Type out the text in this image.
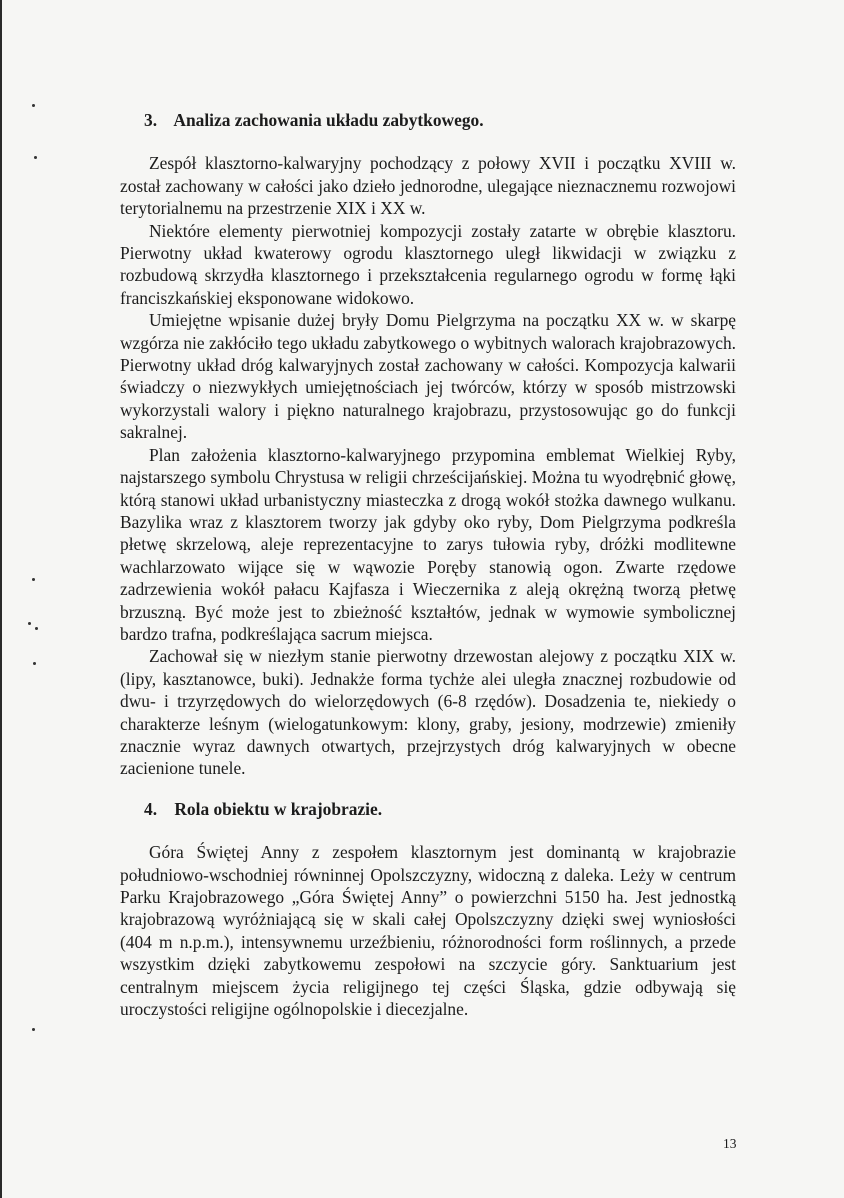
3. Analiza zachowania układu zabytkowego.

Zespół klasztorno-kalwaryjny pochodzący z połowy XVII i początku XVIII w. został zachowany w całości jako dzieło jednorodne, ulegające nieznacznemu rozwojowi terytorialnemu na przestrzenie XIX i XX w.

Niektóre elementy pierwotniej kompozycji zostały zatarte w obrębie klasztoru. Pierwotny układ kwaterowy ogrodu klasztornego uległ likwidacji w związku z rozbudową skrzydła klasztornego i przekształcenia regularnego ogrodu w formę łąki franciszkańskiej eksponowane widokowo.

Umiejętne wpisanie dużej bryły Domu Pielgrzyma na początku XX w. w skarpę wzgórza nie zakłóciło tego układu zabytkowego o wybitnych walorach krajobrazowych. Pierwotny układ dróg kalwaryjnych został zachowany w całości. Kompozycja kalwarii świadczy o niezwykłych umiejętnościach jej twórców, którzy w sposób mistrzowski wykorzystali walory i piękno naturalnego krajobrazu, przystosowując go do funkcji sakralnej.

Plan założenia klasztorno-kalwaryjnego przypomina emblemat Wielkiej Ryby, najstarszego symbolu Chrystusa w religii chrześcijańskiej. Można tu wyodrębnić głowę, którą stanowi układ urbanistyczny miasteczka z drogą wokół stożka dawnego wulkanu. Bazylika wraz z klasztorem tworzy jak gdyby oko ryby, Dom Pielgrzyma podkreśla płetwę skrzelową, aleje reprezentacyjne to zarys tułowia ryby, dróżki modlitewne wachlarzowato wijące się w wąwozie Poręby stanowią ogon. Zwarte rzędowe zadrzewienia wokół pałacu Kajfasza i Wieczernika z aleją okrężną tworzą płetwę brzuszną. Być może jest to zbieżność kształtów, jednak w wymowie symbolicznej bardzo trafna, podkreślająca sacrum miejsca.

Zachował się w niezłym stanie pierwotny drzewostan alejowy z początku XIX w. (lipy, kasztanowce, buki). Jednakże forma tychże alei uległa znacznej rozbudowie od dwu- i trzyrzędowych do wielorzędowych (6-8 rzędów). Dosadzenia te, niekiedy o charakterze leśnym (wielogatunkowym: klony, graby, jesiony, modrzewie) zmieniły znacznie wyraz dawnych otwartych, przejrzystych dróg kalwaryjnych w obecne zacienione tunele.

4. Rola obiektu w krajobrazie.

Góra Świętej Anny z zespołem klasztornym jest dominantą w krajobrazie południowo-wschodniej równinnej Opolszczyzny, widoczną z daleka. Leży w centrum Parku Krajobrazowego „Góra Świętej Anny” o powierzchni 5150 ha. Jest jednostką krajobrazową wyróżniającą się w skali całej Opolszczyzny dzięki swej wyniosłości (404 m n.p.m.), intensywnemu urzeźbieniu, różnorodności form roślinnych, a przede wszystkim dzięki zabytkowemu zespołowi na szczycie góry. Sanktuarium jest centralnym miejscem życia religijnego tej części Śląska, gdzie odbywają się uroczystości religijne ogólnopolskie i diecezjalne.

13
